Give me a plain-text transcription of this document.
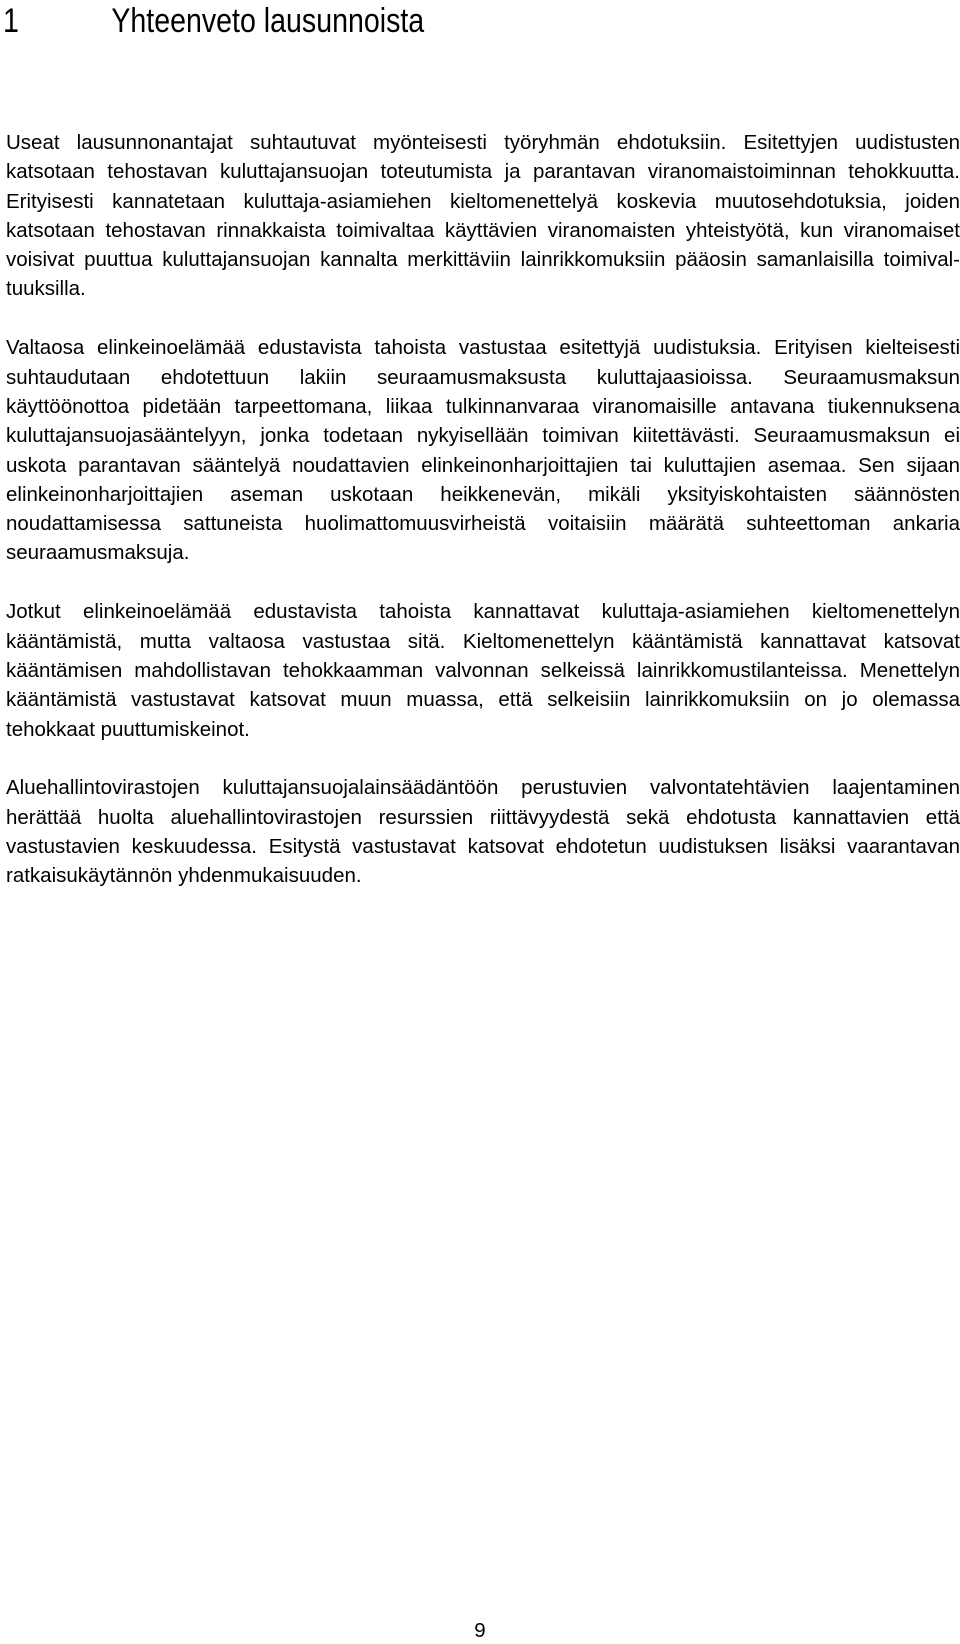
1	Yhteenveto lausunnoista

Useat lausunnonantajat suhtautuvat myönteisesti työryhmän ehdotuksiin. Esitettyjen uudistusten katsotaan tehostavan kuluttajansuojan toteutumista ja parantavan viranomaistoiminnan tehokkuutta. Erityisesti kannatetaan kuluttaja-asiamiehen kieltomenettelyä koskevia muutosehdotuksia, joiden katsotaan tehostavan rinnakkaista toimivaltaa käyttävien viranomaisten yhteistyötä, kun viranomaiset voisivat puuttua kuluttajansuojan kannalta merkittäviin lainrikkomuksiin pääosin samanlaisilla toimivaltuuksilla.

Valtaosa elinkeinoelämää edustavista tahoista vastustaa esitettyjä uudistuksia. Erityisen kielteisesti suhtaudutaan ehdotettuun lakiin seuraamusmaksusta kuluttajaasioissa. Seuraamusmaksun käyttöönottoa pidetään tarpeettomana, liikaa tulkinnanvaraa viranomaisille antavana tiukennuksena kuluttajansuojasääntelyyn, jonka todetaan nykyisellään toimivan kiitettävästi. Seuraamusmaksun ei uskota parantavan sääntelyä noudattavien elinkeinonharjoittajien tai kuluttajien asemaa. Sen sijaan elinkeinonharjoittajien aseman uskotaan heikkenevän, mikäli yksityiskohtaisten säännösten noudattamisessa sattuneista huolimattomuusvirheistä voitaisiin määrätä suhteettoman ankaria seuraamusmaksuja.

Jotkut elinkeinoelämää edustavista tahoista kannattavat kuluttaja-asiamiehen kieltomenettelyn kääntämistä, mutta valtaosa vastustaa sitä. Kieltomenettelyn kääntämistä kannattavat katsovat kääntämisen mahdollistavan tehokkaamman valvonnan selkeissä lainrikkomustilanteissa. Menettelyn kääntämistä vastustavat katsovat muun muassa, että selkeisiin lainrikkomuksiin on jo olemassa tehokkaat puuttumiskeinot.

Aluehallintovirastojen kuluttajansuojalainsäädäntöön perustuvien valvontatehtävien laajentaminen herättää huolta aluehallintovirastojen resurssien riittävyydestä sekä ehdotusta kannattavien että vastustavien keskuudessa. Esitystä vastustavat katsovat ehdotetun uudistuksen lisäksi vaarantavan ratkaisukäytännön yhdenmukaisuuden.

9
